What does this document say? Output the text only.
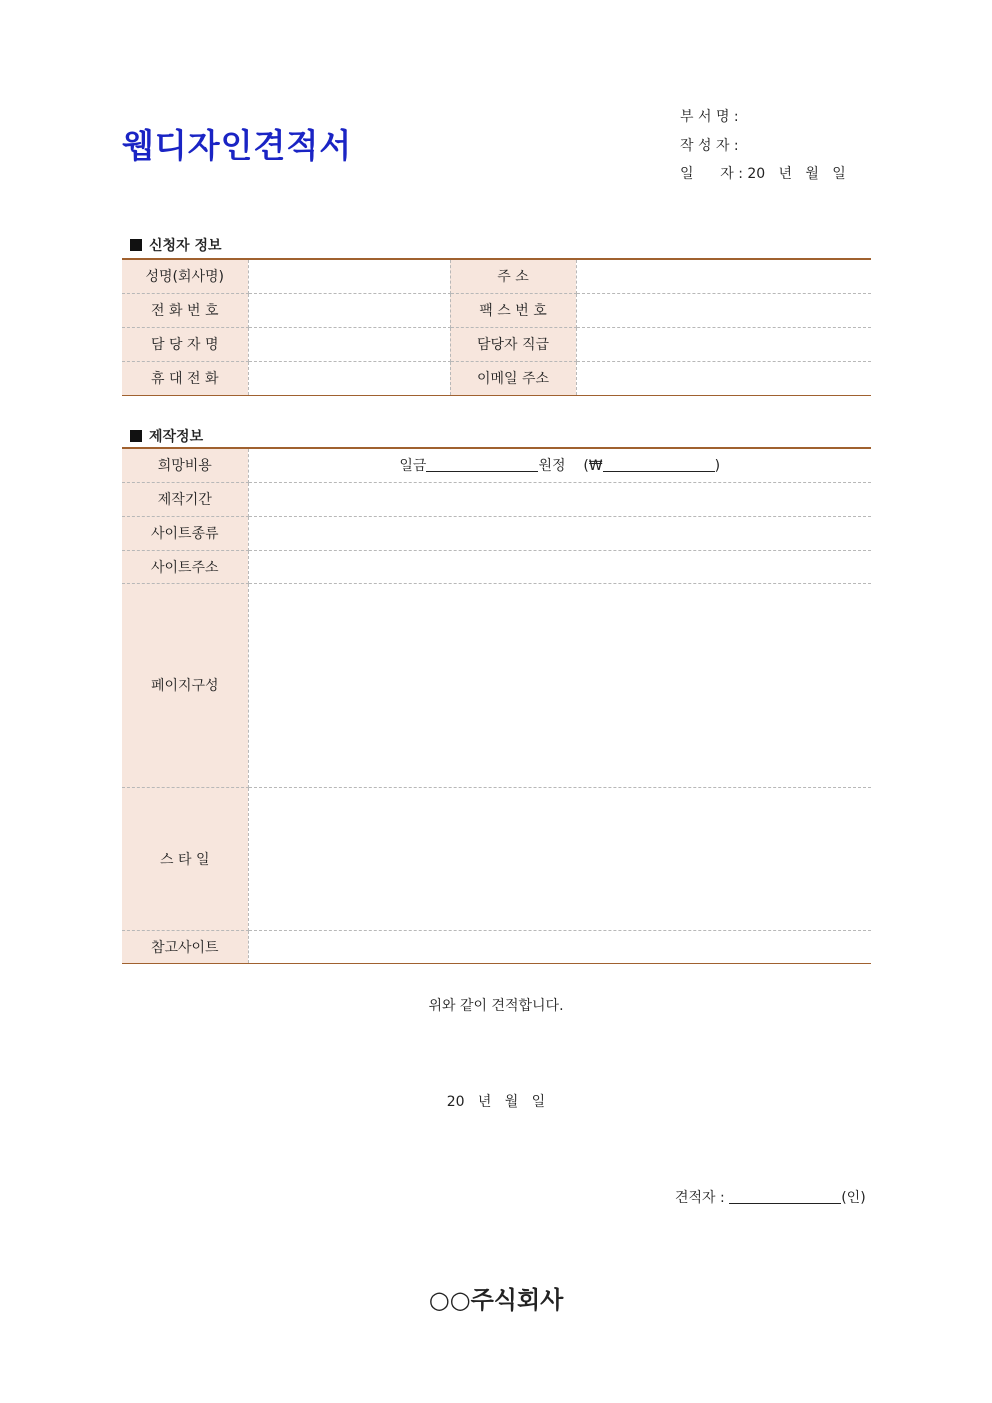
웹디자인견적서
부 서 명 :
작 성 자 :
일      자 : 20   년   월   일
신청자 정보
성명(회사명)		주 소	
전 화 번 호		팩 스 번 호	
담 당 자 명		담당자 직급	
휴 대 전 화		이메일 주소	
제작정보
희망비용	일금 원정 (₩ )
제작기간	
사이트종류	
사이트주소	
페이지구성	
스 타 일	
참고사이트	
위와 같이 견적합니다.
20   년   월   일
견적자 :	(인)
○○주식회사
